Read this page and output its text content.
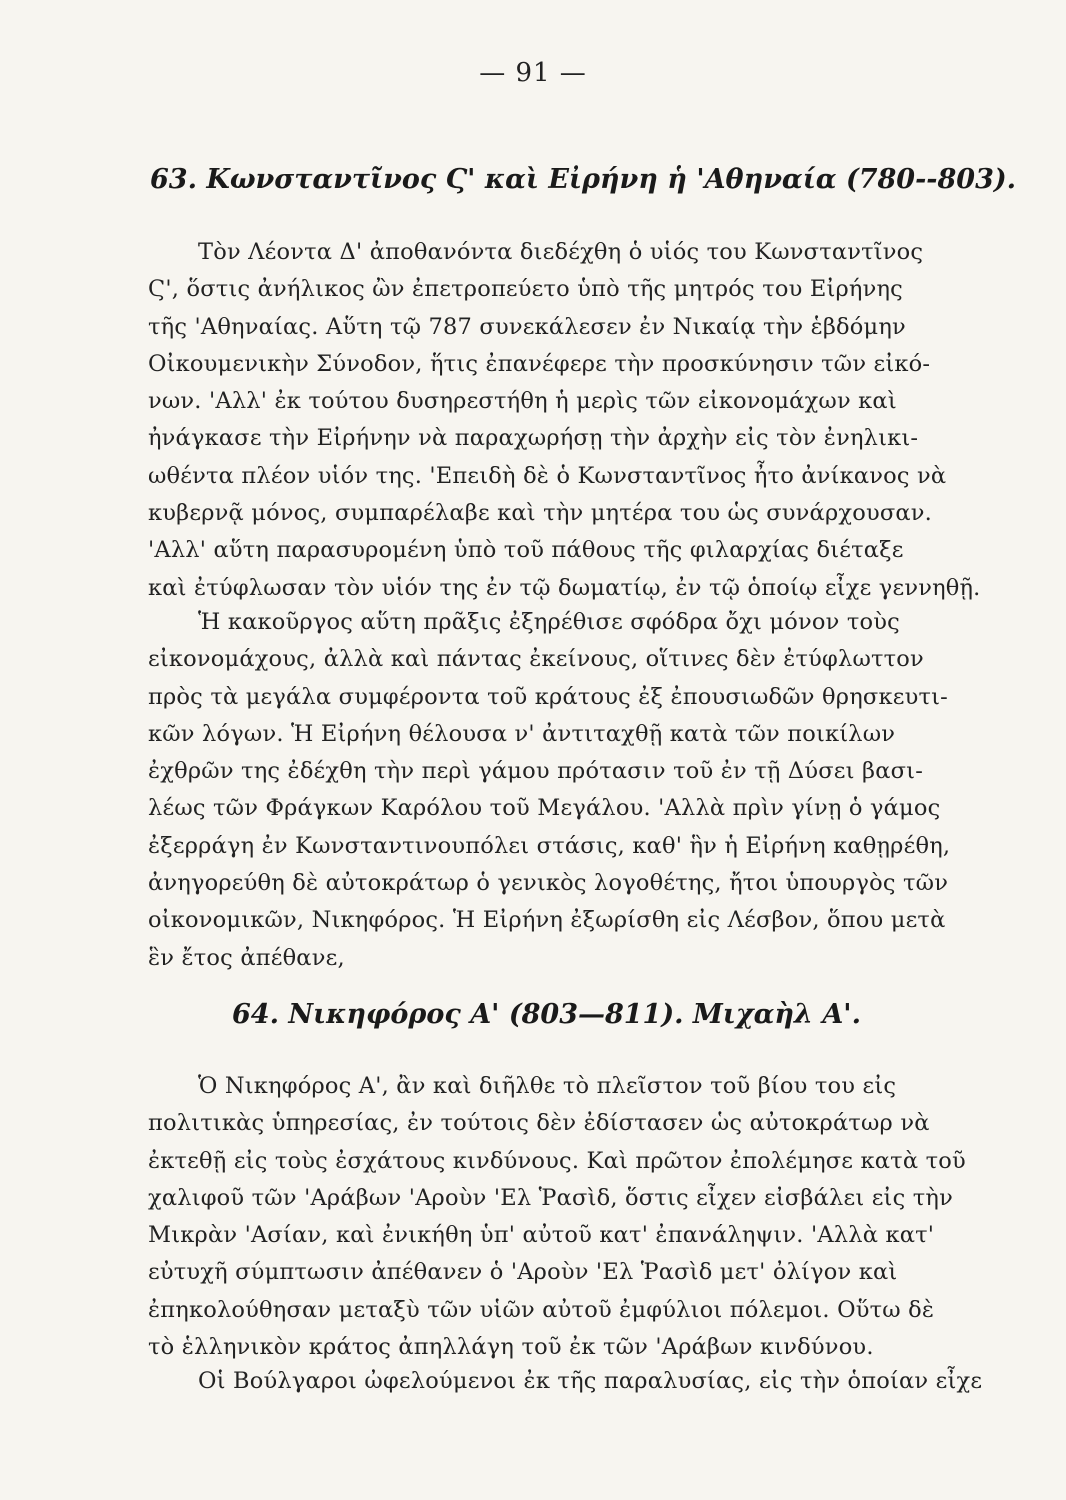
— 91 —
63. Κωνσταντῖνος Ϛ' καὶ Εἰρήνη ἡ 'Αθηναία (780--803).
Τὸν Λέοντα Δ' ἀποθανόντα διεδέχθη ὁ υἱός του Κωνσταντῖνος
Ϛ', ὅστις ἀνήλικος ὢν ἐπετροπεύετο ὑπὸ τῆς μητρός του Εἰρήνης
τῆς 'Αθηναίας. Αὕτη τῷ 787 συνεκάλεσεν ἐν Νικαίᾳ τὴν ἑβδόμην
Οἰκουμενικὴν Σύνοδον, ἥτις ἐπανέφερε τὴν προσκύνησιν τῶν εἰκό-
νων. 'Αλλ' ἐκ τούτου δυσηρεστήθη ἡ μερὶς τῶν εἰκονομάχων καὶ
ἠνάγκασε τὴν Εἰρήνην νὰ παραχωρήσῃ τὴν ἀρχὴν εἰς τὸν ἐνηλικι-
ωθέντα πλέον υἱόν της. 'Επειδὴ δὲ ὁ Κωνσταντῖνος ἦτο ἀνίκανος νὰ
κυβερνᾷ μόνος, συμπαρέλαβε καὶ τὴν μητέρα του ὡς συνάρχουσαν.
'Αλλ' αὕτη παρασυρομένη ὑπὸ τοῦ πάθους τῆς φιλαρχίας διέταξε
καὶ ἐτύφλωσαν τὸν υἱόν της ἐν τῷ δωματίῳ, ἐν τῷ ὁποίῳ εἶχε γεννηθῇ.
Ἡ κακοῦργος αὕτη πρᾶξις ἐξηρέθισε σφόδρα ὄχι μόνον τοὺς
εἰκονομάχους, ἀλλὰ καὶ πάντας ἐκείνους, οἵτινες δὲν ἐτύφλωττον
πρὸς τὰ μεγάλα συμφέροντα τοῦ κράτους ἐξ ἐπουσιωδῶν θρησκευτι-
κῶν λόγων. Ἡ Εἰρήνη θέλουσα ν' ἀντιταχθῇ κατὰ τῶν ποικίλων
ἐχθρῶν της ἐδέχθη τὴν περὶ γάμου πρότασιν τοῦ ἐν τῇ Δύσει βασι-
λέως τῶν Φράγκων Καρόλου τοῦ Μεγάλου. 'Αλλὰ πρὶν γίνῃ ὁ γάμος
ἐξερράγη ἐν Κωνσταντινουπόλει στάσις, καθ' ἣν ἡ Εἰρήνη καθῃρέθη,
ἀνηγορεύθη δὲ αὐτοκράτωρ ὁ γενικὸς λογοθέτης, ἤτοι ὑπουργὸς τῶν
οἰκονομικῶν, Νικηφόρος. Ἡ Εἰρήνη ἐξωρίσθη εἰς Λέσβον, ὅπου μετὰ
ἓν ἔτος ἀπέθανε,
64. Νικηφόρος Α' (803—811). Μιχαὴλ Α'.
Ὁ Νικηφόρος Α', ἂν καὶ διῆλθε τὸ πλεῖστον τοῦ βίου του εἰς
πολιτικὰς ὑπηρεσίας, ἐν τούτοις δὲν ἐδίστασεν ὡς αὐτοκράτωρ νὰ
ἐκτεθῇ εἰς τοὺς ἐσχάτους κινδύνους. Καὶ πρῶτον ἐπολέμησε κατὰ τοῦ
χαλιφοῦ τῶν 'Αράβων 'Αροὺν 'Ελ Ῥασὶδ, ὅστις εἶχεν εἰσβάλει εἰς τὴν
Μικρὰν 'Ασίαν, καὶ ἐνικήθη ὑπ' αὐτοῦ κατ' ἐπανάληψιν. 'Αλλὰ κατ'
εὐτυχῆ σύμπτωσιν ἀπέθανεν ὁ 'Αροὺν 'Ελ Ῥασὶδ μετ' ὀλίγον καὶ
ἐπηκολούθησαν μεταξὺ τῶν υἱῶν αὐτοῦ ἐμφύλιοι πόλεμοι. Οὕτω δὲ
τὸ ἑλληνικὸν κράτος ἀπηλλάγη τοῦ ἐκ τῶν 'Αράβων κινδύνου.
Οἱ Βούλγαροι ὠφελούμενοι ἐκ τῆς παραλυσίας, εἰς τὴν ὁποίαν εἶχε
